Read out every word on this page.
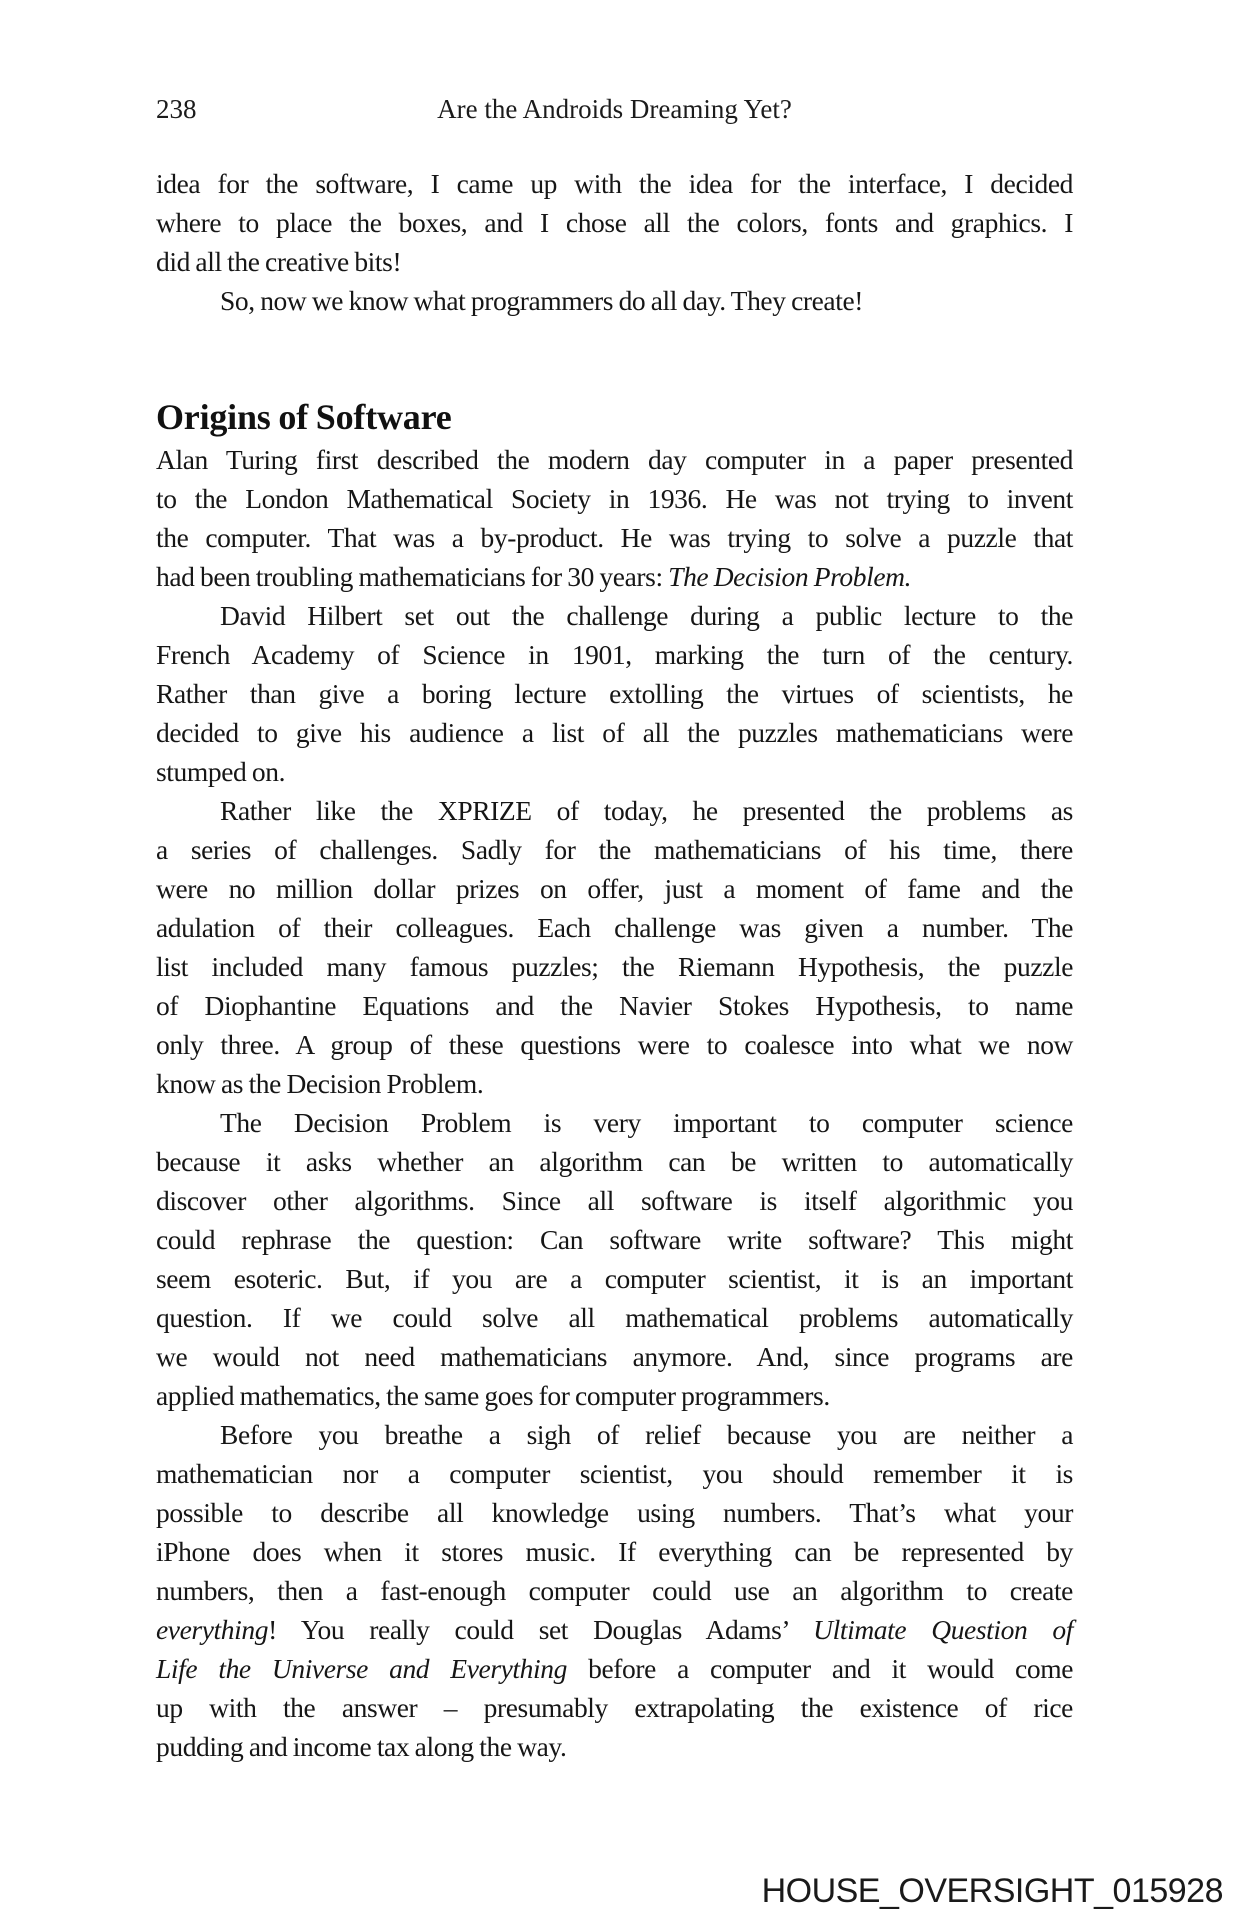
238	Are the Androids Dreaming Yet?
idea for the software, I came up with the idea for the interface, I decided
where to place the boxes, and I chose all the colors, fonts and graphics. I
did all the creative bits!
So, now we know what programmers do all day. They create!
Origins of Software
Alan Turing first described the modern day computer in a paper presented
to the London Mathematical Society in 1936. He was not trying to invent
the computer. That was a by-product. He was trying to solve a puzzle that
had been troubling mathematicians for 30 years: The Decision Problem.
David Hilbert set out the challenge during a public lecture to the
French Academy of Science in 1901, marking the turn of the century.
Rather than give a boring lecture extolling the virtues of scientists, he
decided to give his audience a list of all the puzzles mathematicians were
stumped on.
Rather like the XPRIZE of today, he presented the problems as
a series of challenges. Sadly for the mathematicians of his time, there
were no million dollar prizes on offer, just a moment of fame and the
adulation of their colleagues. Each challenge was given a number. The
list included many famous puzzles; the Riemann Hypothesis, the puzzle
of Diophantine Equations and the Navier Stokes Hypothesis, to name
only three. A group of these questions were to coalesce into what we now
know as the Decision Problem.
The Decision Problem is very important to computer science
because it asks whether an algorithm can be written to automatically
discover other algorithms. Since all software is itself algorithmic you
could rephrase the question: Can software write software? This might
seem esoteric. But, if you are a computer scientist, it is an important
question. If we could solve all mathematical problems automatically
we would not need mathematicians anymore. And, since programs are
applied mathematics, the same goes for computer programmers.
Before you breathe a sigh of relief because you are neither a
mathematician nor a computer scientist, you should remember it is
possible to describe all knowledge using numbers. That’s what your
iPhone does when it stores music. If everything can be represented by
numbers, then a fast-enough computer could use an algorithm to create
everything! You really could set Douglas Adams’ Ultimate Question of
Life the Universe and Everything before a computer and it would come
up with the answer – presumably extrapolating the existence of rice
pudding and income tax along the way.
HOUSE_OVERSIGHT_015928
